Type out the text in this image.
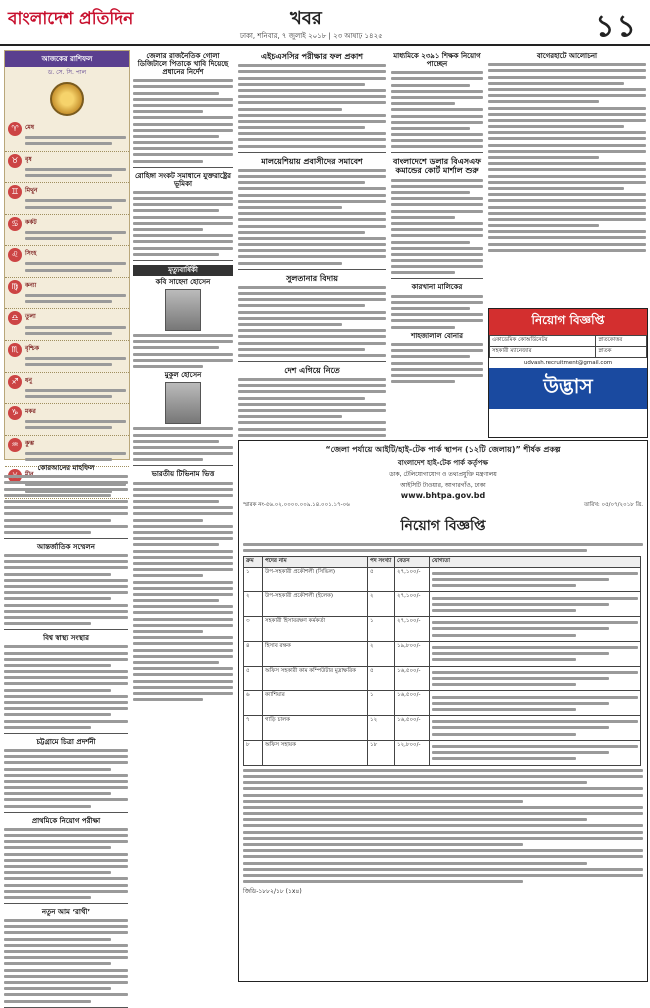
বাংলাদেশ প্রতিদিন	খবর
ঢাকা, শনিবার, ৭ জুলাই ২০১৮ | ২৩ আষাঢ় ১৪২৫	১১
আজকের রাশিফল
ড. সে. সি. পাল
♈	মেষ
♉	বৃষ
♊	মিথুন
♋	কর্কট
♌	সিংহ
♍	কন্যা
♎	তুলা
♏	বৃশ্চিক
♐	ধনু
♑	মকর
♒	কুম্ভ
কোরআনের মাহফিল
আন্তর্জাতিক সম্মেলন
বিশ্ব স্বাস্থ্য সংস্থার
চট্টগ্রামে চিত্রা প্রদর্শনী
প্রাথমিকে নিয়োগ পরীক্ষা
নতুন আম ‘রাখী’
জেলার রাজনৈতিক গোলা ডিজিটালে পিতাকে খাবি দিয়েছে প্রধানের নির্দেশ
রোহিঙ্গা সংকট সমাধানে যুক্তরাষ্ট্রের ভূমিকা
মৃত্যুবার্ষিকী
কবি সাহেদা হোসেন
মুকুল হোসেন
ভারতীয় টিভিনাম ভিত্ত
এইচএসসির পরীক্ষার ফল প্রকাশ
মালয়েশিয়ায় প্রবাসীদের সমাবেশ
সুলতানার বিদায়
দেশ এগিয়ে নিতে
মাধ্যমিকে ২৩৯১ শিক্ষক নিয়োগ পাচ্ছেন
বাংলাদেশে ডলার বিএসএফ কমান্ডের কোর্ট মার্শাল শুরু
কারখানা মালিকের
শাহজালাল বোনার
বাগেরহাটে আলোচনা
নিয়োগ বিজ্ঞপ্তি
একাডেমিক কোঅর্ডিনেটর	স্নাতকোত্তর
সহকারী ম্যানেজার	স্নাতক
udvash.recruitment@gmail.com
উদ্ভাস
“জেলা পর্যায়ে আইটি/হাই-টেক পার্ক স্থাপন (১২টি জেলায়)” শীর্ষক প্রকল্প
বাংলাদেশ হাই-টেক পার্ক কর্তৃপক্ষ
ডাক, টেলিযোগাযোগ ও তথ্যপ্রযুক্তি মন্ত্রণালয়
আইসিটি টাওয়ার, আগারগাঁও, ঢাকা
www.bhtpa.gov.bd
স্মারক নং-৫৬.০২.০০০০.০০৯.১৪.০০১.১৭-০৬	তারিখ: ০৫/০৭/২০১৮ খ্রি.
নিয়োগ বিজ্ঞপ্তি
ক্রম	পদের নাম	পদ সংখ্যা	বেতন	যোগ্যতা
১	উপ-সহকারী প্রকৌশলী (সিভিল)	৫	২৭,১০০/-	

২	উপ-সহকারী প্রকৌশলী (ইলেক)	২	২৭,১০০/-	

৩	সহকারী হিসাবরক্ষণ কর্মকর্তা	১	২৭,১০০/-	

৪	হিসাব রক্ষক	২	১৯,৮০০/-	

৫	অফিস সহকারী কাম কম্পিউটার মুদ্রাক্ষরিক	৫	১৬,৫০০/-	

৬	ক্যাশিয়ার	১	১৬,৫০০/-	

৭	গাড়ি চালক	১২	১৬,৫০০/-	

৮	অফিস সহায়ক	১৮	১২,৮০০/-	
জিডি-১৮৮২/১৮ (১x৪)
